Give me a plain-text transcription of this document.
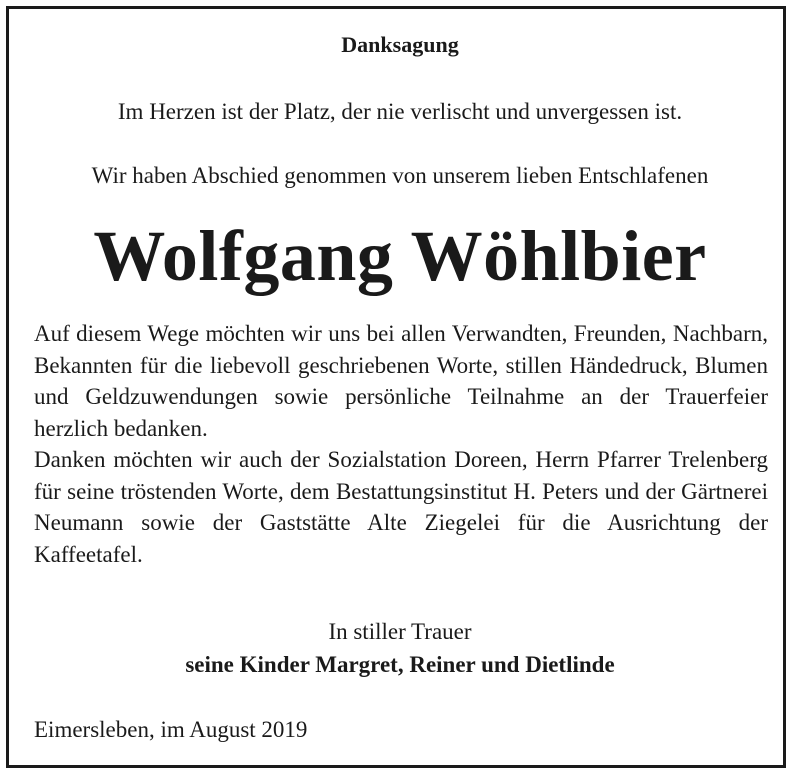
Danksagung
Im Herzen ist der Platz, der nie verlischt und unvergessen ist.
Wir haben Abschied genommen von unserem lieben Entschlafenen
Wolfgang Wöhlbier

Auf diesem Wege möchten wir uns bei allen Verwandten, Freunden, Nachbarn, Bekannten für die liebevoll geschriebenen Worte, stillen Händedruck, Blumen und Geldzuwendungen sowie persönliche Teilnahme an der Trauerfeier herzlich bedanken.

Danken möchten wir auch der Sozialstation Doreen, Herrn Pfarrer Trelenberg für seine tröstenden Worte, dem Bestattungsinstitut H. Peters und der Gärtnerei Neumann sowie der Gaststätte Alte Ziegelei für die Ausrichtung der Kaffeetafel.

In stiller Trauer
seine Kinder Margret, Reiner und Dietlinde
Eimersleben, im August 2019
